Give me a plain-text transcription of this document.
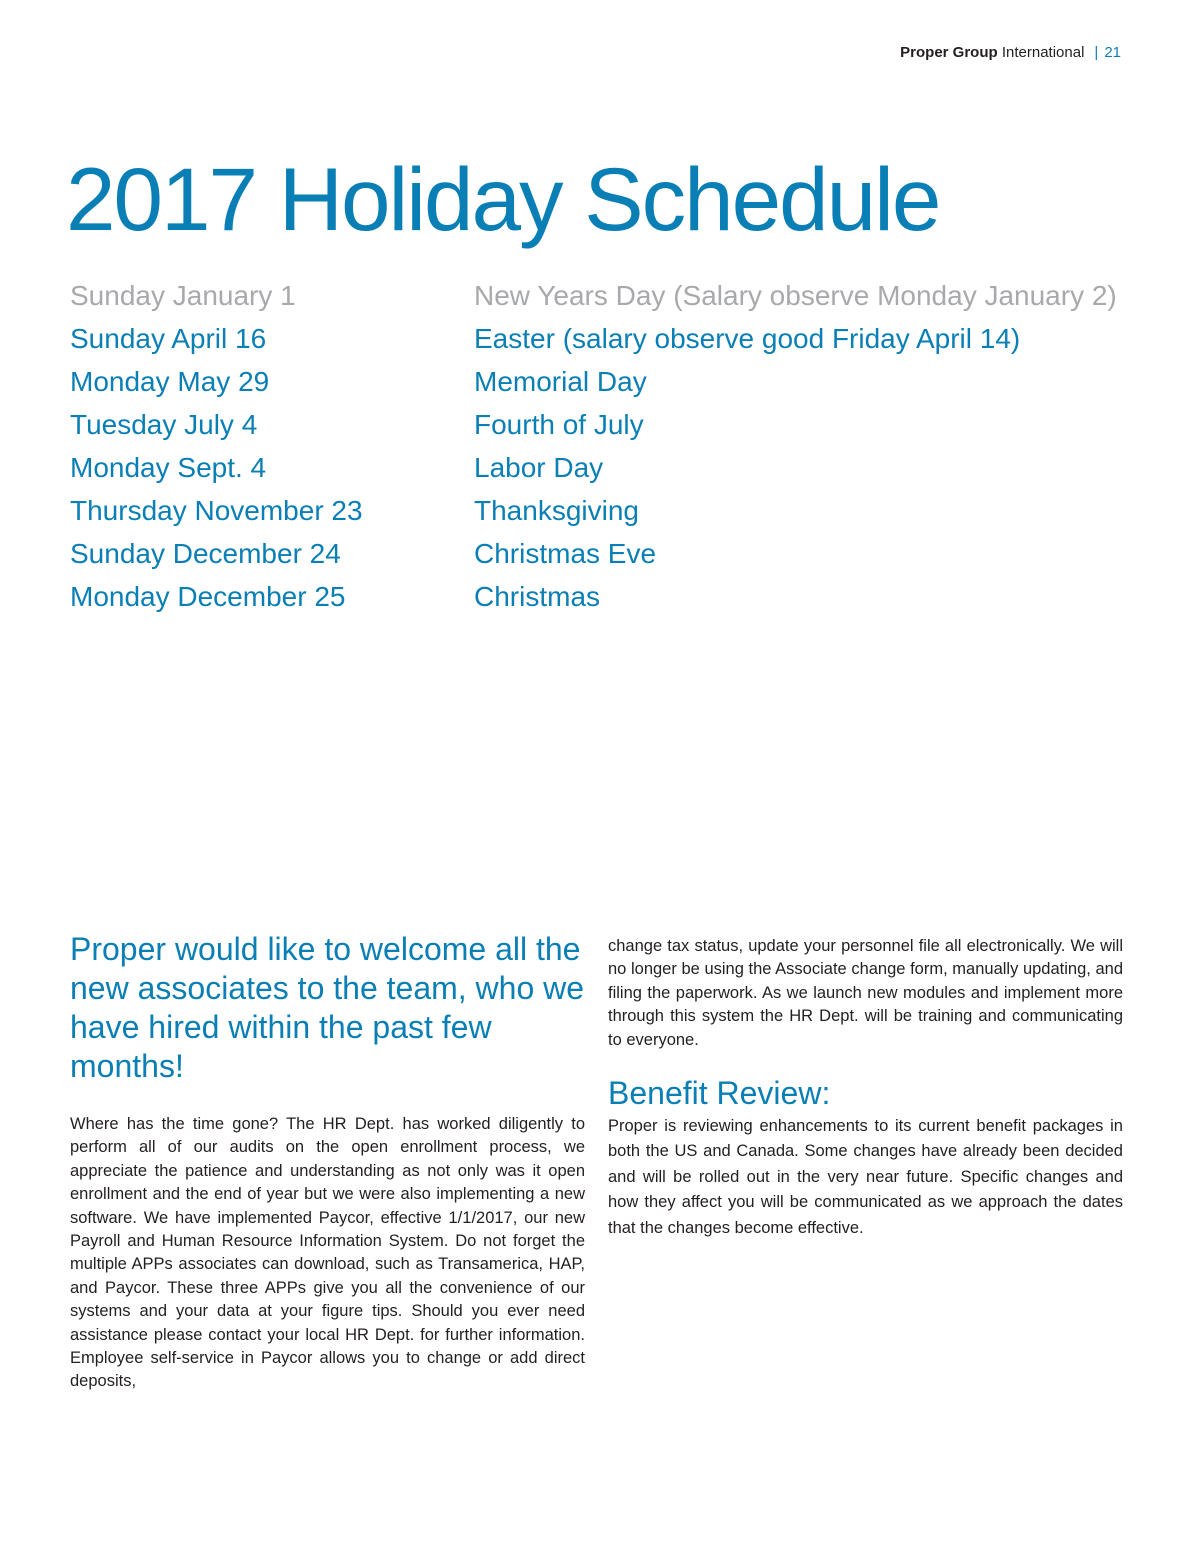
Proper Group International | 21
2017 Holiday Schedule
Sunday January 1	New Years Day (Salary observe Monday January 2)
Sunday April 16	Easter (salary observe good Friday April 14)
Monday May 29	Memorial Day
Tuesday July 4	Fourth of July
Monday Sept. 4	Labor Day
Thursday November 23	Thanksgiving
Sunday December 24	Christmas Eve
Monday December 25	Christmas
Proper would like to welcome all the new associates to the team, who we have hired within the past few months!

Where has the time gone? The HR Dept. has worked diligently to perform all of our audits on the open enrollment process, we appreciate the patience and understanding as not only was it open enrollment and the end of year but we were also implementing a new software. We have implemented Paycor, effective 1/1/2017, our new Payroll and Human Resource Information System. Do not forget the multiple APPs associates can download, such as Transamerica, HAP, and Paycor. These three APPs give you all the convenience of our systems and your data at your figure tips. Should you ever need assistance please contact your local HR Dept. for further information. Employee self-service in Paycor allows you to change or add direct deposits,

change tax status, update your personnel file all electronically. We will no longer be using the Associate change form, manually updating, and filing the paperwork. As we launch new modules and implement more through this system the HR Dept. will be training and communicating to everyone.

Benefit Review:

Proper is reviewing enhancements to its current benefit packages in both the US and Canada. Some changes have already been decided and will be rolled out in the very near future. Specific changes and how they affect you will be communicated as we approach the dates that the changes become effective.
